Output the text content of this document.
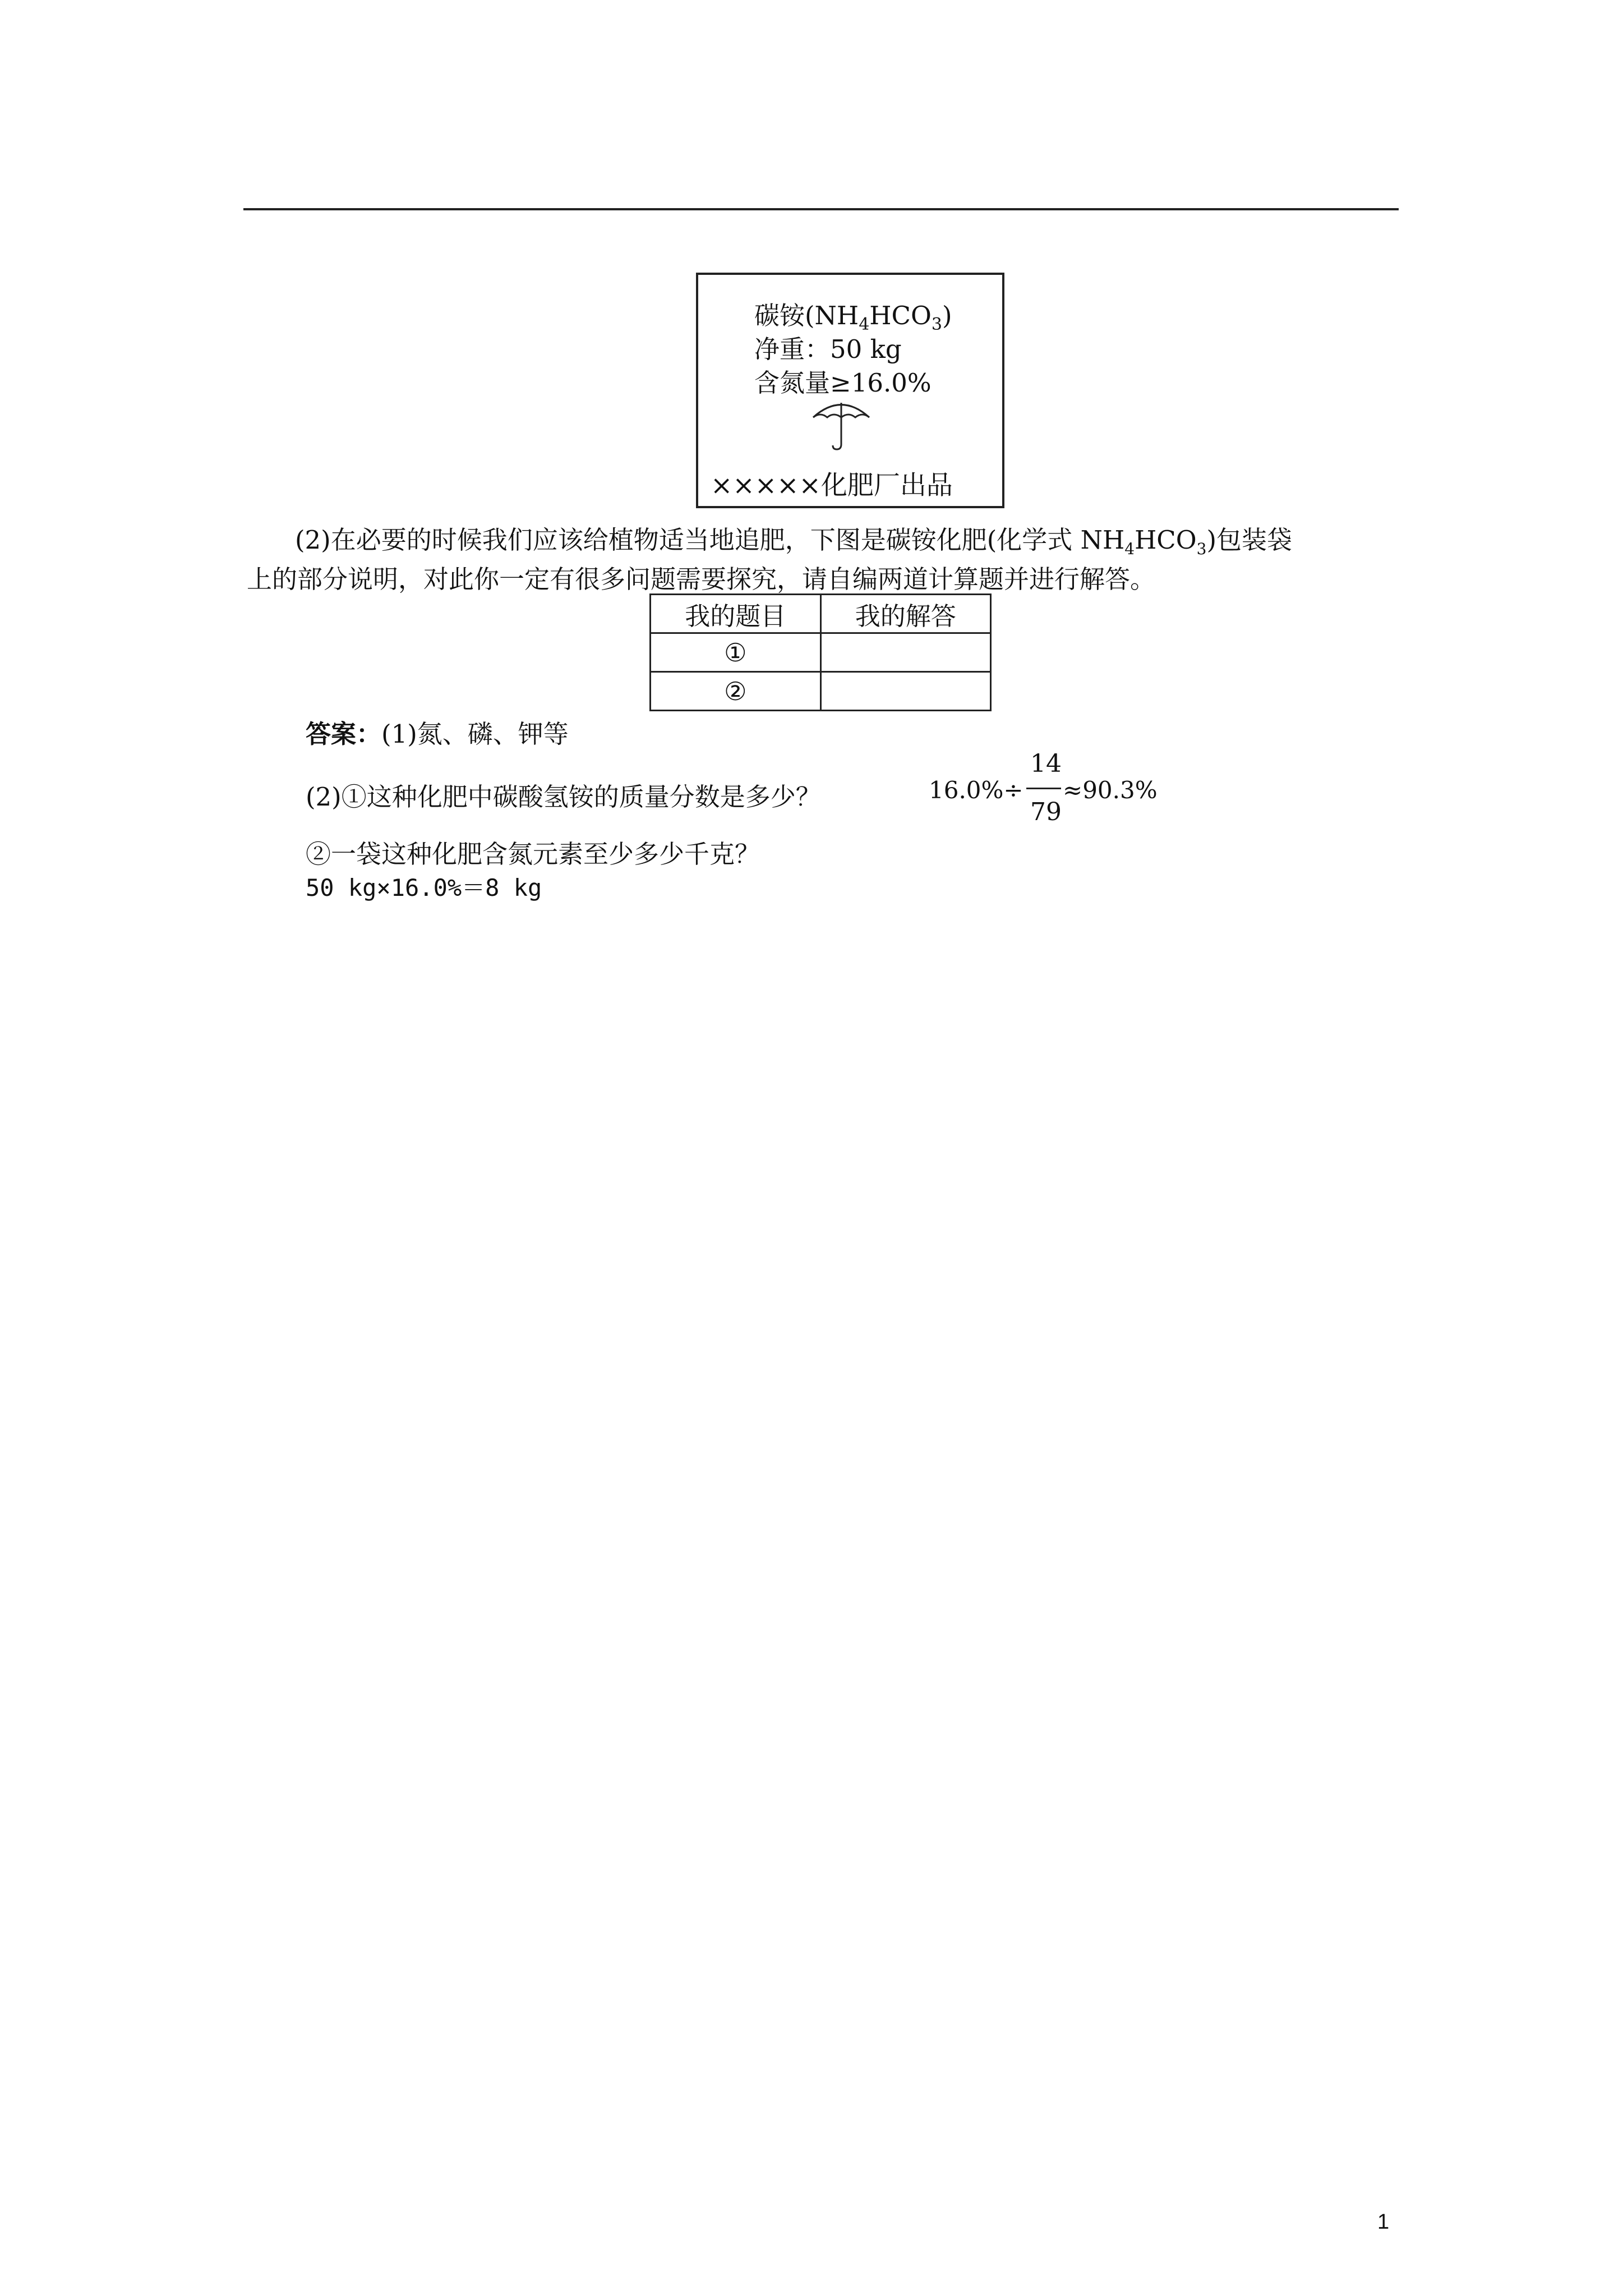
碳铵$(NH_4HCO_3)$
净重：50 kg
含氮量≥16.0%
×××××化肥厂出品
(2)在必要的时候我们应该给植物适当地追肥，下图是碳铵化肥(化学式 $NH_4HCO_3$)包装袋
上的部分说明，对此你一定有很多问题需要探究，请自编两道计算题并进行解答。
我的题目	我的解答
①	
②	
答案：(1)氮、磷、钾等
(2)①这种化肥中碳酸氢铵的质量分数是多少？	16.0%÷
14
79
≈90.3%
②一袋这种化肥含氮元素至少多少千克？
50 kg×16.0%＝8 kg
1
